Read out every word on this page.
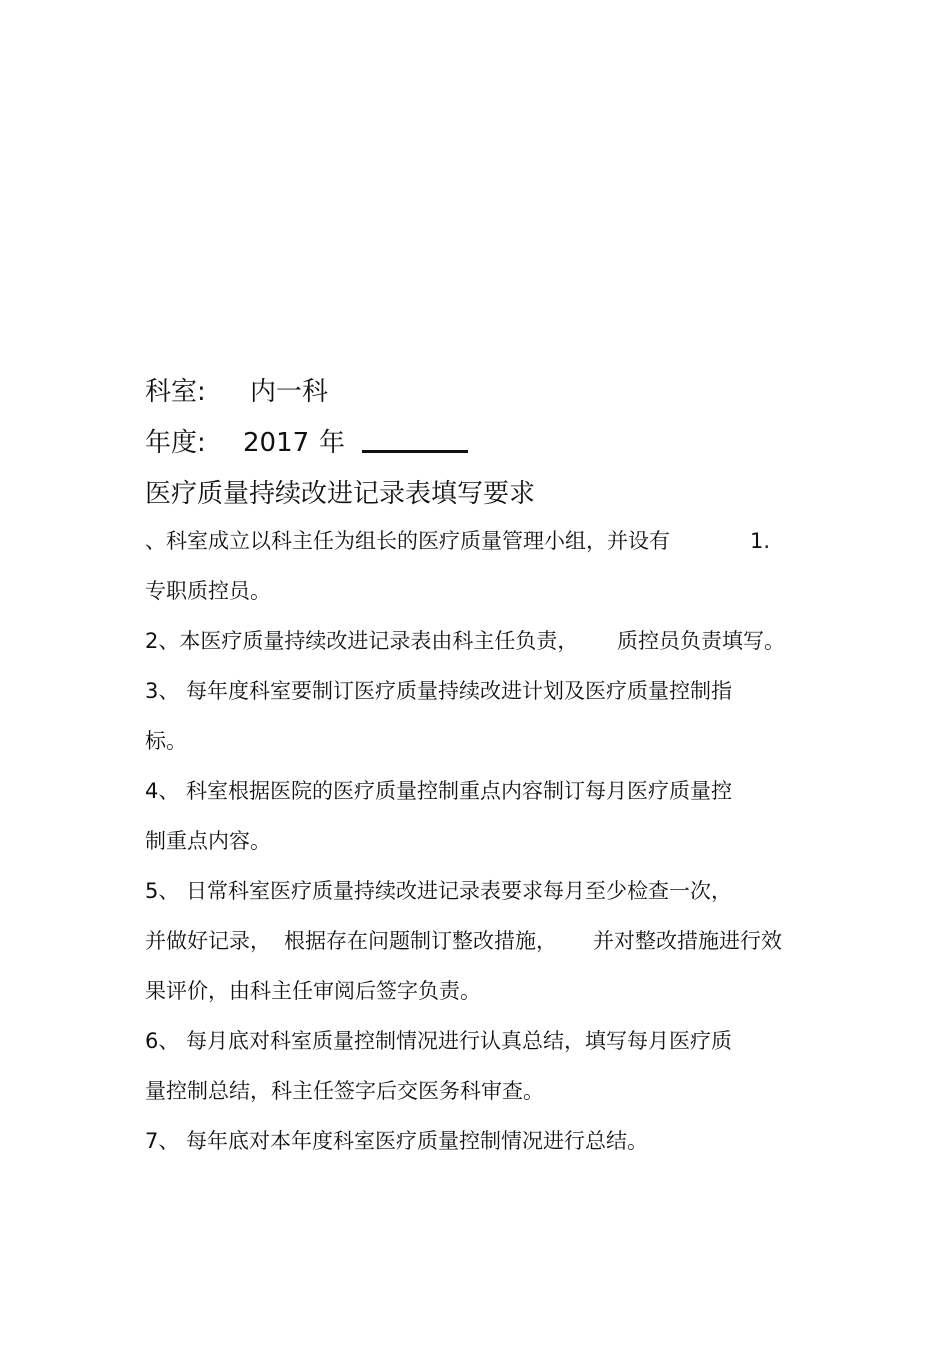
科室: 内一科
年度: 2017 年
医疗质量持续改进记录表填写要求
、科室成立以科主任为组长的医疗质量管理小组，并设有	1.
专职质控员。
2、本医疗质量持续改进记录表由科主任负责， 质控员负责填写。
3、 每年度科室要制订医疗质量持续改进计划及医疗质量控制指
标。
4、 科室根据医院的医疗质量控制重点内容制订每月医疗质量控
制重点内容。
5、 日常科室医疗质量持续改进记录表要求每月至少检查一次，
并做好记录， 根据存在问题制订整改措施， 并对整改措施进行效
果评价，由科主任审阅后签字负责。
6、 每月底对科室质量控制情况进行认真总结，填写每月医疗质
量控制总结，科主任签字后交医务科审查。
7、 每年底对本年度科室医疗质量控制情况进行总结。
